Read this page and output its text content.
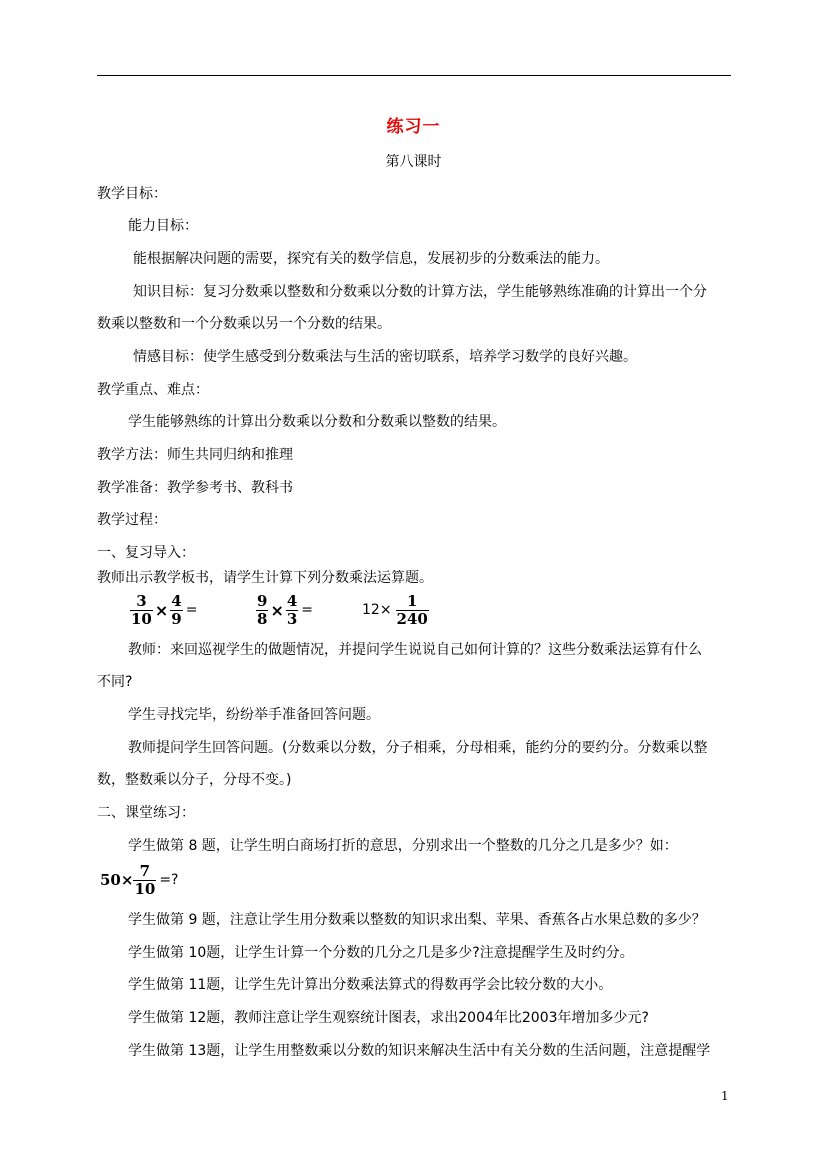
练习一
第八课时
教学目标：
能力目标：
能根据解决问题的需要，探究有关的数学信息，发展初步的分数乘法的能力。
知识目标：复习分数乘以整数和分数乘以分数的计算方法，学生能够熟练准确的计算出一个分
数乘以整数和一个分数乘以另一个分数的结果。
情感目标：使学生感受到分数乘法与生活的密切联系，培养学习数学的良好兴趣。
教学重点、难点：
学生能够熟练的计算出分数乘以分数和分数乘以整数的结果。
教学方法：师生共同归纳和推理
教学准备：教学参考书、教科书
教学过程：
一、复习导入：
教师出示教学板书，请学生计算下列分数乘法运算题。
$\frac{3}{10} \times \frac{4}{9}$ =	$\frac{9}{8} \times \frac{4}{3}$ =	$12\times \frac{1}{240}$
教师：来回巡视学生的做题情况，并提问学生说说自己如何计算的？这些分数乘法运算有什么
不同?
学生寻找完毕，纷纷举手准备回答问题。
教师提问学生回答问题。(分数乘以分数，分子相乘，分母相乘，能约分的要约分。分数乘以整
数，整数乘以分子，分母不变。)
二、课堂练习：
学生做第 8 题，让学生明白商场打折的意思，分别求出一个整数的几分之几是多少？如：
$50\times \frac{7}{10}$ =?
学生做第 9 题，注意让学生用分数乘以整数的知识求出梨、苹果、香蕉各占水果总数的多少？
学生做第 10题，让学生计算一个分数的几分之几是多少?注意提醒学生及时约分。
学生做第 11题，让学生先计算出分数乘法算式的得数再学会比较分数的大小。
学生做第 12题，教师注意让学生观察统计图表，求出2004年比2003年增加多少元?
学生做第 13题，让学生用整数乘以分数的知识来解决生活中有关分数的生活问题，注意提醒学
1
